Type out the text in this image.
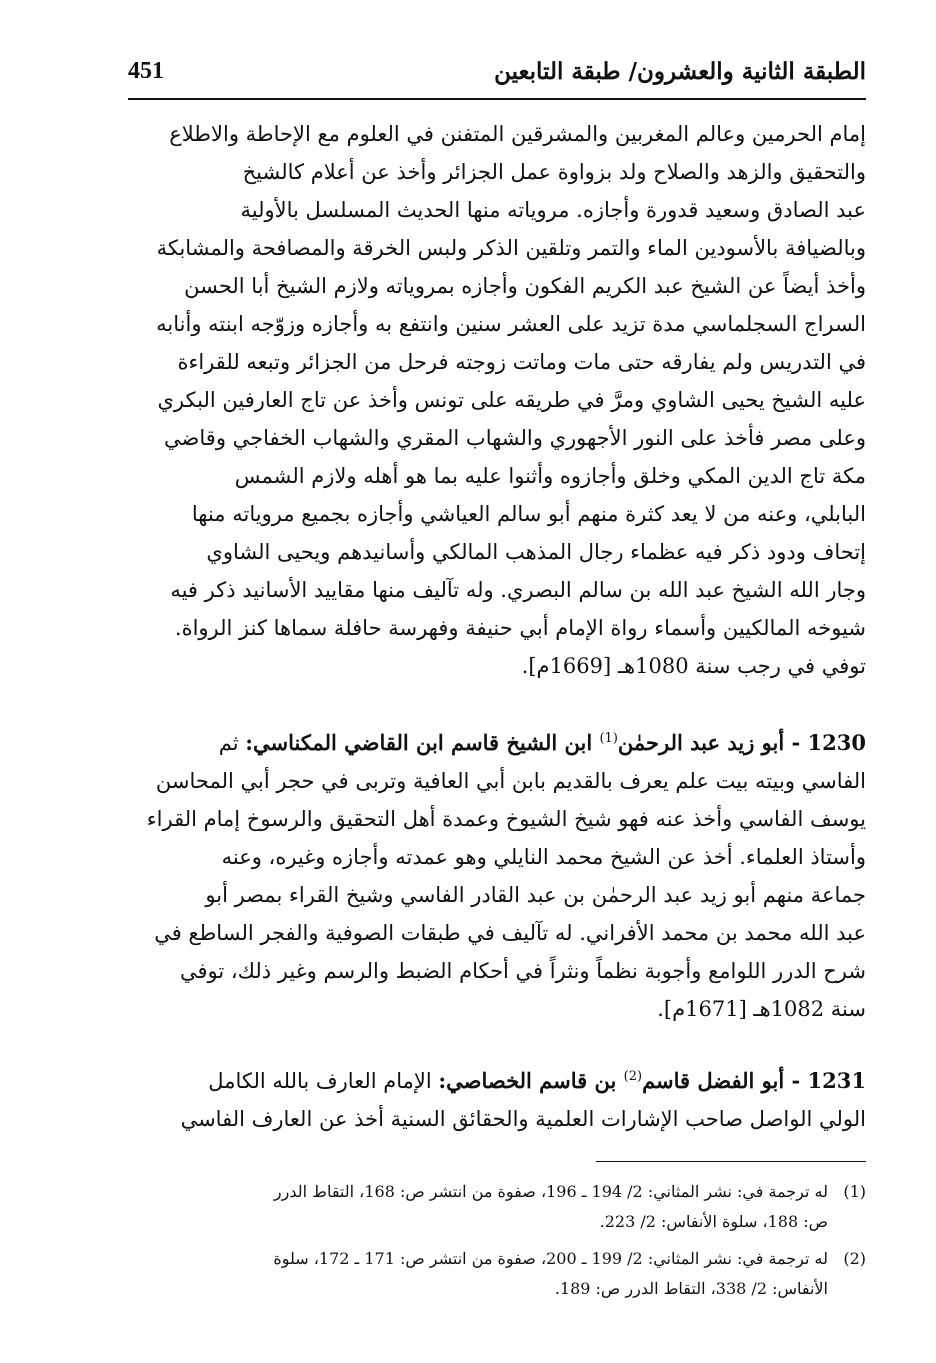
451	الطبقة الثانية والعشرون/ طبقة التابعين
إمام الحرمين وعالم المغربين والمشرقين المتفنن في العلوم مع الإحاطة والاطلاع
والتحقيق والزهد والصلاح ولد بزواوة عمل الجزائر وأخذ عن أعلام كالشيخ
عبد الصادق وسعيد قدورة وأجازه. مروياته منها الحديث المسلسل بالأولية
وبالضيافة بالأسودين الماء والتمر وتلقين الذكر ولبس الخرقة والمصافحة والمشابكة
وأخذ أيضاً عن الشيخ عبد الكريم الفكون وأجازه بمروياته ولازم الشيخ أبا الحسن
السراج السجلماسي مدة تزيد على العشر سنين وانتفع به وأجازه وزوّجه ابنته وأنابه
في التدريس ولم يفارقه حتى مات وماتت زوجته فرحل من الجزائر وتبعه للقراءة
عليه الشيخ يحيى الشاوي ومرَّ في طريقه على تونس وأخذ عن تاج العارفين البكري
وعلى مصر فأخذ على النور الأجهوري والشهاب المقري والشهاب الخفاجي وقاضي
مكة تاج الدين المكي وخلق وأجازوه وأثنوا عليه بما هو أهله ولازم الشمس
البابلي، وعنه من لا يعد كثرة منهم أبو سالم العياشي وأجازه بجميع مروياته منها
إتحاف ودود ذكر فيه عظماء رجال المذهب المالكي وأسانيدهم ويحيى الشاوي
وجار الله الشيخ عبد الله بن سالم البصري. وله تآليف منها مقاييد الأسانيد ذكر فيه
شيوخه المالكيين وأسماء رواة الإمام أبي حنيفة وفهرسة حافلة سماها كنز الرواة.
توفي في رجب سنة 1080هـ [1669م].
1230 - أبو زيد عبد الرحمٰن$^{(1)}$ ابن الشيخ قاسم ابن القاضي المكناسي: ثم
الفاسي وبيته بيت علم يعرف بالقديم بابن أبي العافية وتربى في حجر أبي المحاسن
يوسف الفاسي وأخذ عنه فهو شيخ الشيوخ وعمدة أهل التحقيق والرسوخ إمام القراء
وأستاذ العلماء. أخذ عن الشيخ محمد النايلي وهو عمدته وأجازه وغيره، وعنه
جماعة منهم أبو زيد عبد الرحمٰن بن عبد القادر الفاسي وشيخ القراء بمصر أبو
عبد الله محمد بن محمد الأفراني. له تآليف في طبقات الصوفية والفجر الساطع في
شرح الدرر اللوامع وأجوبة نظماً ونثراً في أحكام الضبط والرسم وغير ذلك، توفي
سنة 1082هـ [1671م].
1231 - أبو الفضل قاسم$^{(2)}$ بن قاسم الخصاصي: الإمام العارف بالله الكامل
الولي الواصل صاحب الإشارات العلمية والحقائق السنية أخذ عن العارف الفاسي
(1)له ترجمة في: نشر المثاني: 2/ 194 ـ 196، صفوة من انتشر ص: 168، التقاط الدرر
ص: 188، سلوة الأنفاس: 2/ 223.
(2)له ترجمة في: نشر المثاني: 2/ 199 ـ 200، صفوة من انتشر ص: 171 ـ 172، سلوة
الأنفاس: 2/ 338، التقاط الدرر ص: 189.
